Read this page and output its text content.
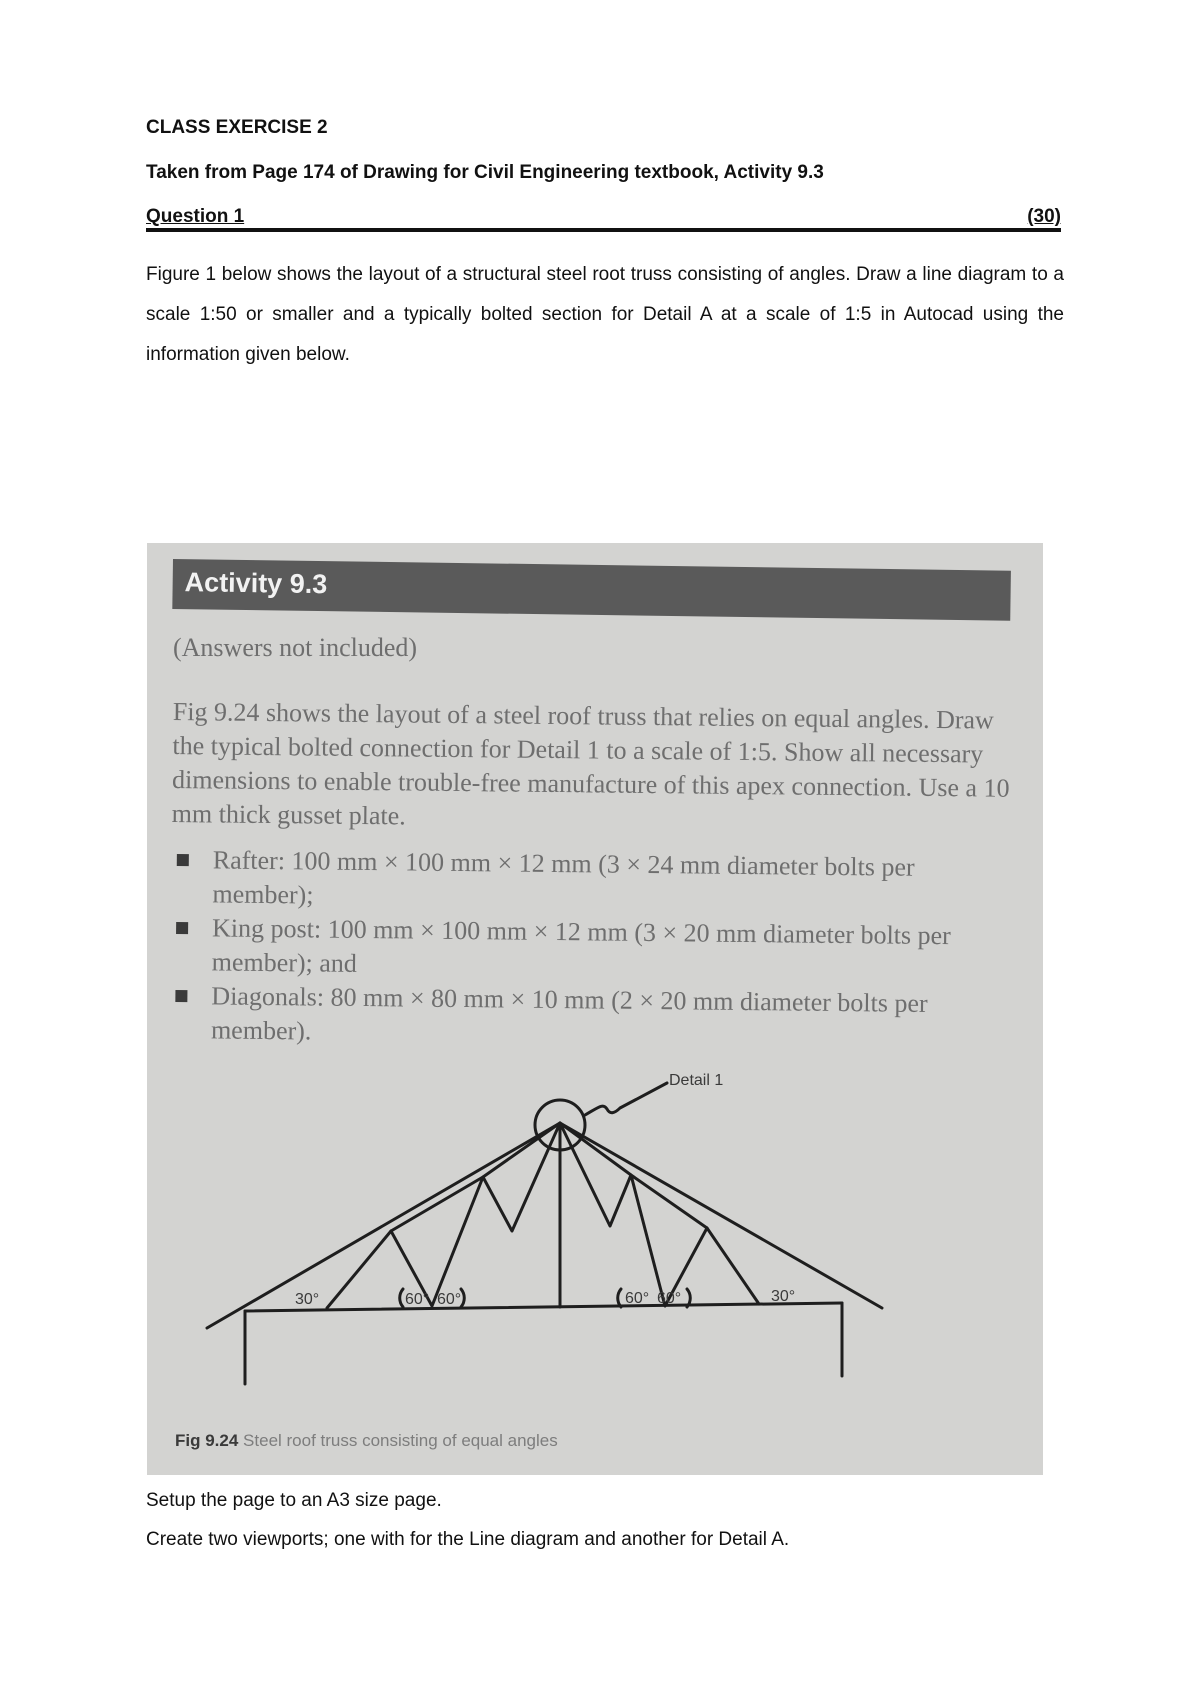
CLASS EXERCISE 2
Taken from Page 174 of Drawing for Civil Engineering textbook, Activity 9.3
Question 1	(30)
Figure 1 below shows the layout of a structural steel root truss consisting of angles. Draw a line diagram to a scale 1:50 or smaller and a typically bolted section for Detail A at a scale of 1:5 in Autocad using the information given below.
Activity 9.3
(Answers not included)
Fig 9.24 shows the layout of a steel roof truss that relies on equal angles. Draw the typical bolted connection for Detail 1 to a scale of 1:5. Show all necessary dimensions to enable trouble-free manufacture of this apex connection. Use a 10 mm thick gusset plate.
Rafter: 100 mm × 100 mm × 12 mm (3 × 24 mm diameter bolts per member);
King post: 100 mm × 100 mm × 12 mm (3 × 20 mm diameter bolts per member); and
Diagonals: 80 mm × 80 mm × 10 mm (2 × 20 mm diameter bolts per member).
Detail 1
30°	60° 60°	60° 60°	30°
Fig 9.24 Steel roof truss consisting of equal angles
Setup the page to an A3 size page.
Create two viewports; one with for the Line diagram and another for Detail A.
